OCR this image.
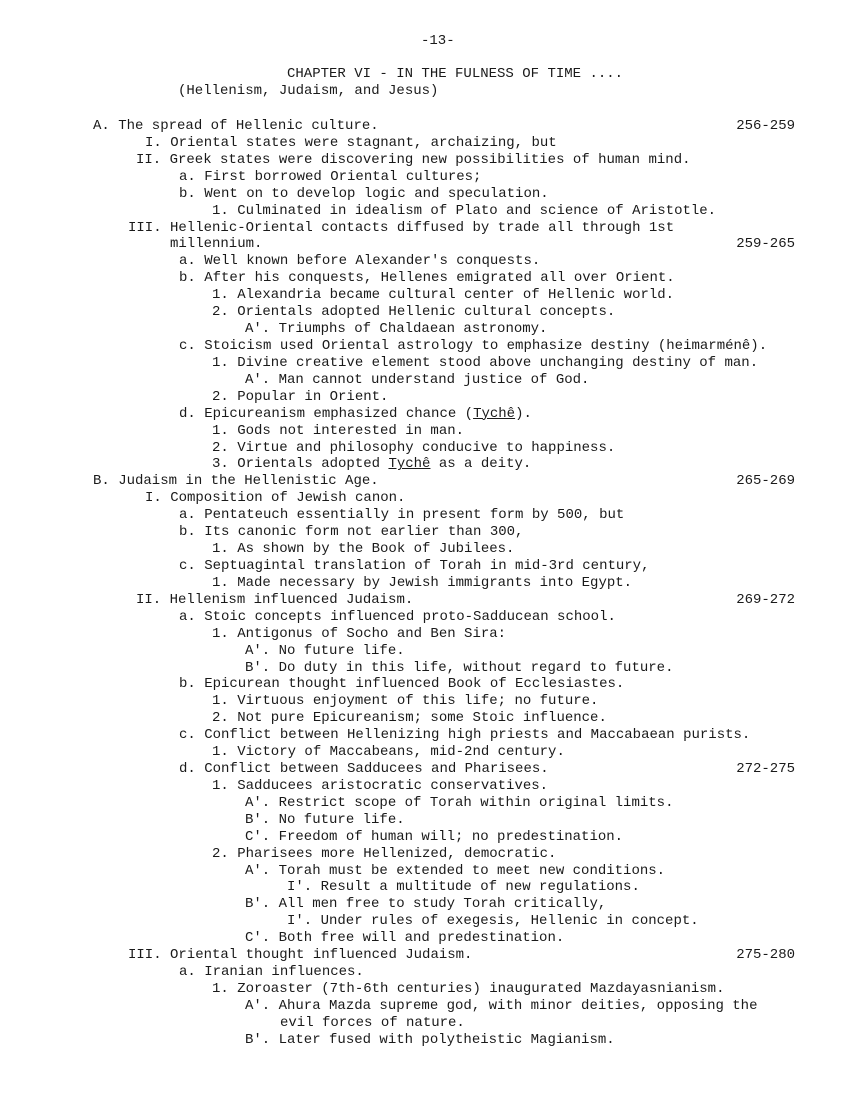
-13-
CHAPTER VI - IN THE FULNESS OF TIME ....
(Hellenism, Judaism, and Jesus)
A. The spread of Hellenic culture.	256-259
I. Oriental states were stagnant, archaizing, but
II. Greek states were discovering new possibilities of human mind.
a. First borrowed Oriental cultures;
b. Went on to develop logic and speculation.
1. Culminated in idealism of Plato and science of Aristotle.
III. Hellenic-Oriental contacts diffused by trade all through 1st
millennium.	259-265
a. Well known before Alexander's conquests.
b. After his conquests, Hellenes emigrated all over Orient.
1. Alexandria became cultural center of Hellenic world.
2. Orientals adopted Hellenic cultural concepts.
A'. Triumphs of Chaldaean astronomy.
c. Stoicism used Oriental astrology to emphasize destiny (heimarménê).
1. Divine creative element stood above unchanging destiny of man.
A'. Man cannot understand justice of God.
2. Popular in Orient.
d. Epicureanism emphasized chance (Tychê).
1. Gods not interested in man.
2. Virtue and philosophy conducive to happiness.
3. Orientals adopted Tychê as a deity.
B. Judaism in the Hellenistic Age.	265-269
I. Composition of Jewish canon.
a. Pentateuch essentially in present form by 500, but
b. Its canonic form not earlier than 300,
1. As shown by the Book of Jubilees.
c. Septuagintal translation of Torah in mid-3rd century,
1. Made necessary by Jewish immigrants into Egypt.
II. Hellenism influenced Judaism.	269-272
a. Stoic concepts influenced proto-Sadducean school.
1. Antigonus of Socho and Ben Sira:
A'. No future life.
B'. Do duty in this life, without regard to future.
b. Epicurean thought influenced Book of Ecclesiastes.
1. Virtuous enjoyment of this life; no future.
2. Not pure Epicureanism; some Stoic influence.
c. Conflict between Hellenizing high priests and Maccabaean purists.
1. Victory of Maccabeans, mid-2nd century.
d. Conflict between Sadducees and Pharisees.	272-275
1. Sadducees aristocratic conservatives.
A'. Restrict scope of Torah within original limits.
B'. No future life.
C'. Freedom of human will; no predestination.
2. Pharisees more Hellenized, democratic.
A'. Torah must be extended to meet new conditions.
I'. Result a multitude of new regulations.
B'. All men free to study Torah critically,
I'. Under rules of exegesis, Hellenic in concept.
C'. Both free will and predestination.
III. Oriental thought influenced Judaism.	275-280
a. Iranian influences.
1. Zoroaster (7th-6th centuries) inaugurated Mazdayasnianism.
A'. Ahura Mazda supreme god, with minor deities, opposing the
evil forces of nature.
B'. Later fused with polytheistic Magianism.
